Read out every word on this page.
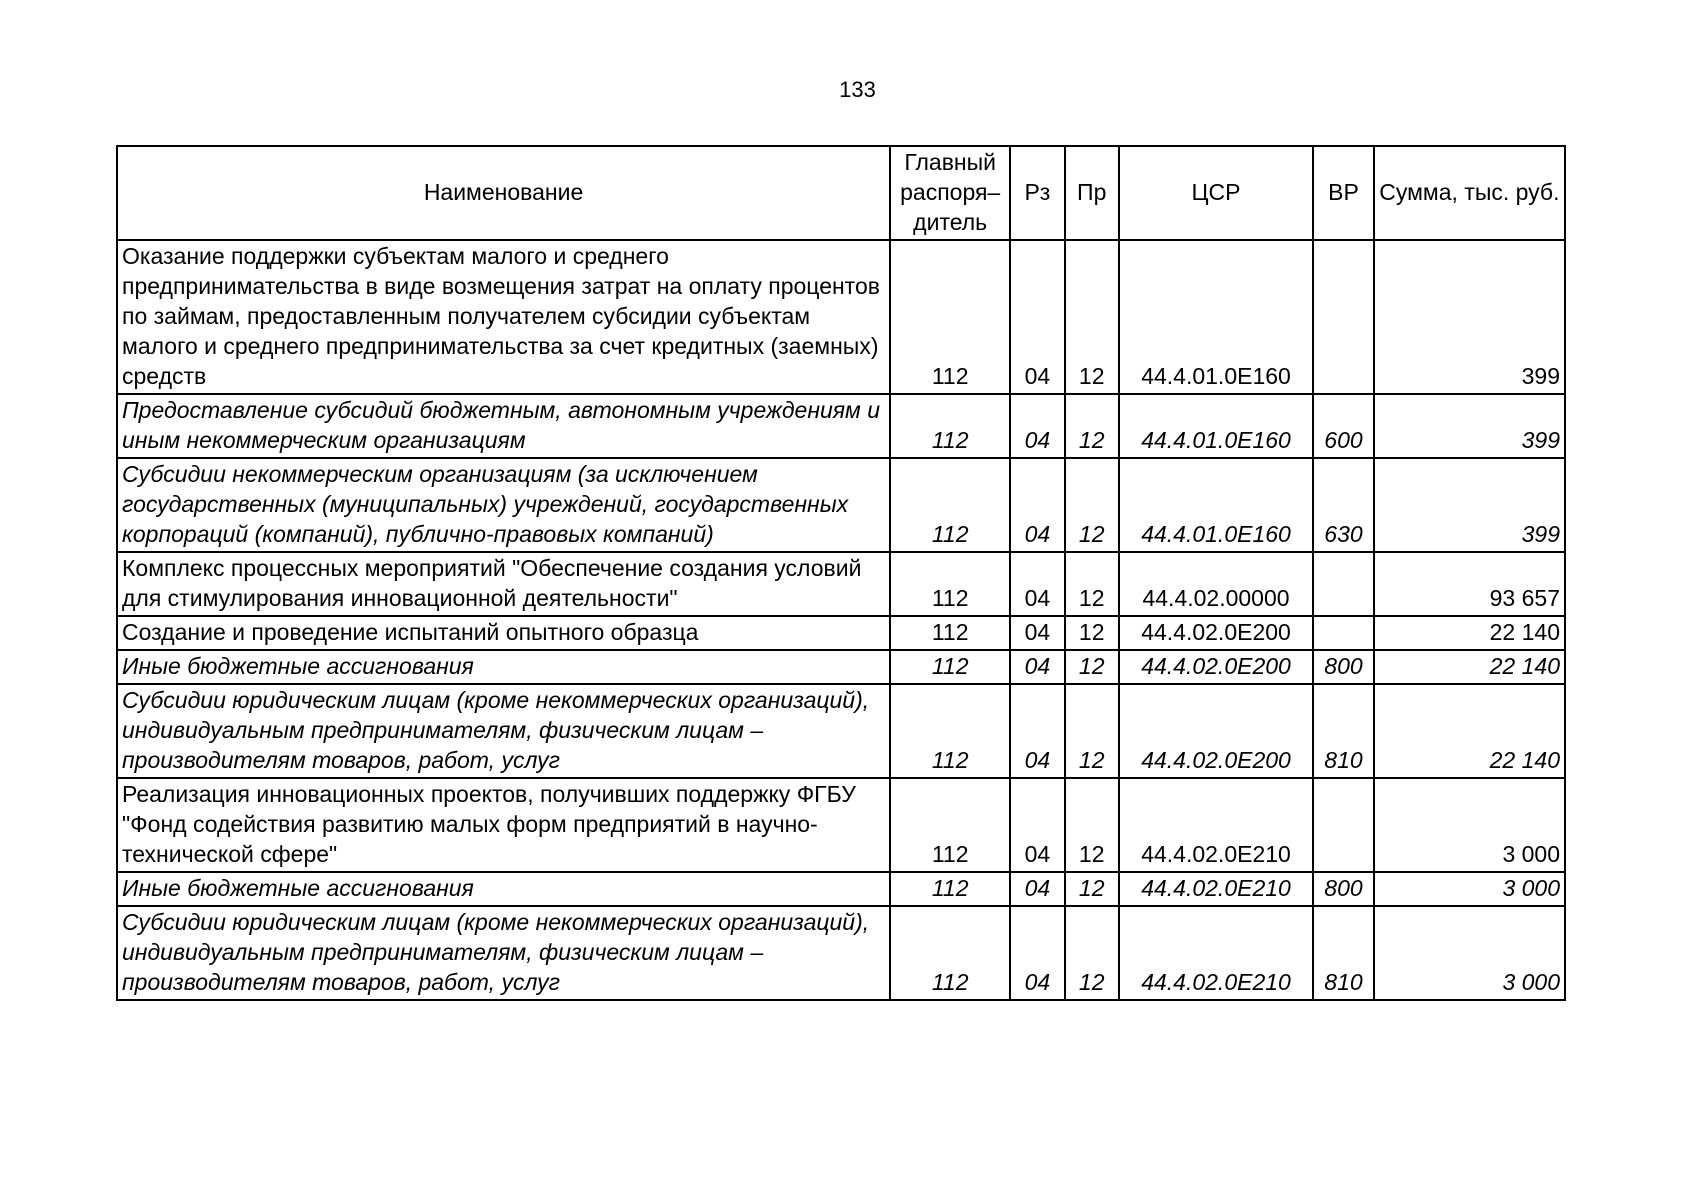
133
Наименование	Главный распоря– дитель	Рз	Пр	ЦСР	ВР	Сумма, тыс. руб.
Оказание поддержки субъектам малого и среднего предпринимательства в виде возмещения затрат на оплату процентов по займам, предоставленным получателем субсидии субъектам малого и среднего предпринимательства за счет кредитных (заемных) средств	112	04	12	44.4.01.0Е160		399
Предоставление субсидий бюджетным, автономным учреждениям и иным некоммерческим организациям	112	04	12	44.4.01.0Е160	600	399
Субсидии некоммерческим организациям (за исключением государственных (муниципальных) учреждений, государственных корпораций (компаний), публично-правовых компаний)	112	04	12	44.4.01.0Е160	630	399
Комплекс процессных мероприятий "Обеспечение создания условий для стимулирования инновационной деятельности"	112	04	12	44.4.02.00000		93 657
Создание и проведение испытаний опытного образца	112	04	12	44.4.02.0Е200		22 140
Иные бюджетные ассигнования	112	04	12	44.4.02.0Е200	800	22 140
Субсидии юридическим лицам (кроме некоммерческих организаций), индивидуальным предпринимателям, физическим лицам – производителям товаров, работ, услуг	112	04	12	44.4.02.0Е200	810	22 140
Реализация инновационных проектов, получивших поддержку ФГБУ "Фонд содействия развитию малых форм предприятий в научно-технической сфере"	112	04	12	44.4.02.0Е210		3 000
Иные бюджетные ассигнования	112	04	12	44.4.02.0Е210	800	3 000
Субсидии юридическим лицам (кроме некоммерческих организаций), индивидуальным предпринимателям, физическим лицам – производителям товаров, работ, услуг	112	04	12	44.4.02.0Е210	810	3 000
